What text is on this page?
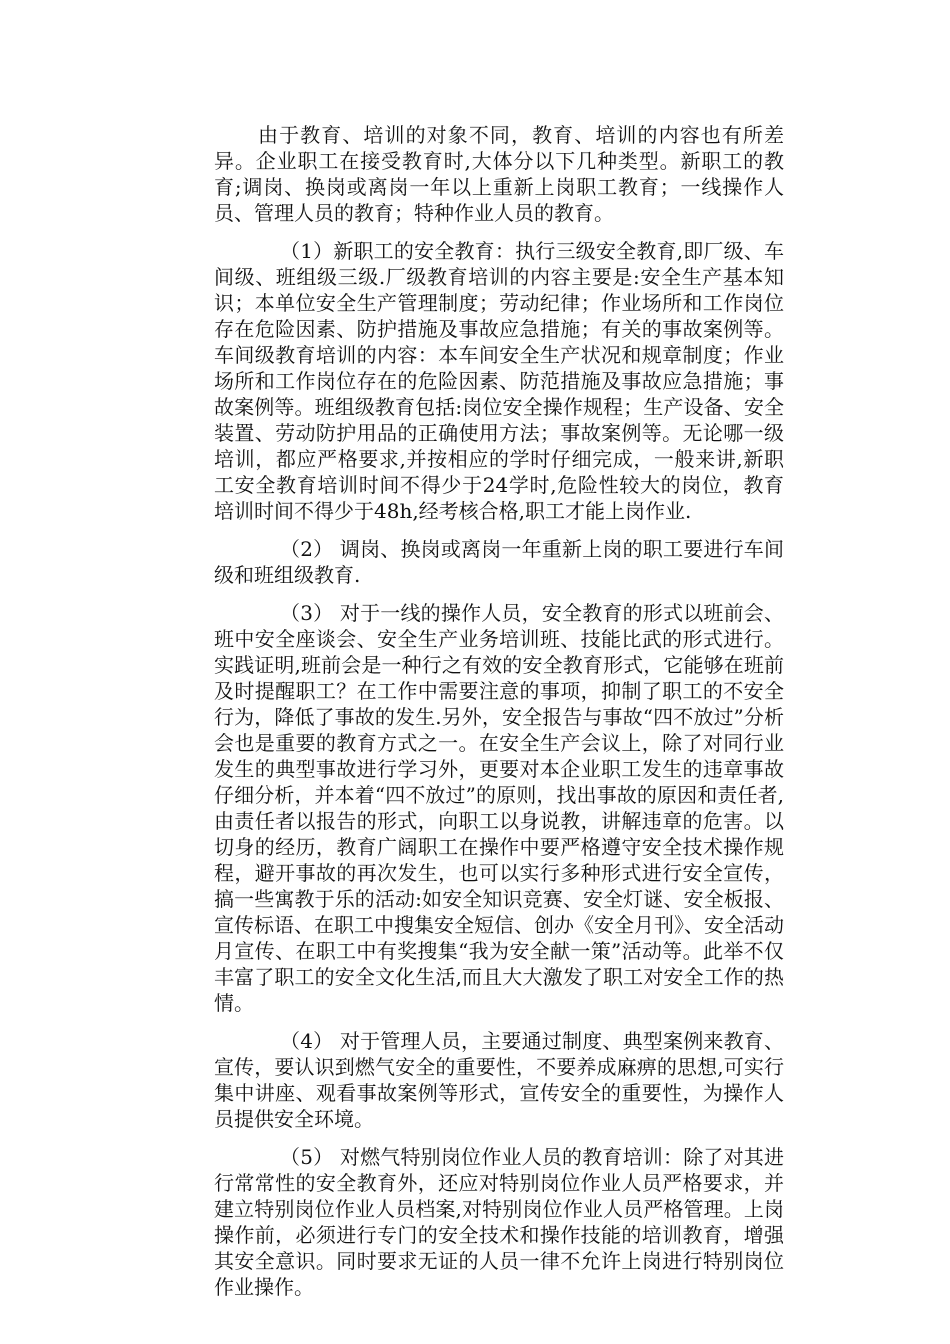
由于教育、培训的对象不同，教育、培训的内容也有所差异。企业职工在接受教育时,大体分以下几种类型。新职工的教育;调岗、换岗或离岗一年以上重新上岗职工教育；一线操作人员、管理人员的教育；特种作业人员的教育。

（1）新职工的安全教育：执行三级安全教育,即厂级、车间级、班组级三级.厂级教育培训的内容主要是:安全生产基本知识；本单位安全生产管理制度；劳动纪律；作业场所和工作岗位存在危险因素、防护措施及事故应急措施；有关的事故案例等。车间级教育培训的内容：本车间安全生产状况和规章制度；作业场所和工作岗位存在的危险因素、防范措施及事故应急措施；事故案例等。班组级教育包括:岗位安全操作规程；生产设备、安全装置、劳动防护用品的正确使用方法；事故案例等。无论哪一级培训，都应严格要求,并按相应的学时仔细完成，一般来讲,新职工安全教育培训时间不得少于24学时,危险性较大的岗位，教育培训时间不得少于48h,经考核合格,职工才能上岗作业.

（2） 调岗、换岗或离岗一年重新上岗的职工要进行车间级和班组级教育.

（3） 对于一线的操作人员，安全教育的形式以班前会、班中安全座谈会、安全生产业务培训班、技能比武的形式进行。实践证明,班前会是一种行之有效的安全教育形式，它能够在班前及时提醒职工？在工作中需要注意的事项，抑制了职工的不安全行为，降低了事故的发生.另外，安全报告与事故“四不放过”分析会也是重要的教育方式之一。在安全生产会议上，除了对同行业发生的典型事故进行学习外，更要对本企业职工发生的违章事故仔细分析，并本着“四不放过”的原则，找出事故的原因和责任者,由责任者以报告的形式，向职工以身说教，讲解违章的危害。以切身的经历，教育广阔职工在操作中要严格遵守安全技术操作规程，避开事故的再次发生，也可以实行多种形式进行安全宣传，搞一些寓教于乐的活动:如安全知识竞赛、安全灯谜、安全板报、宣传标语、在职工中搜集安全短信、创办《安全月刊》、安全活动月宣传、在职工中有奖搜集“我为安全献一策”活动等。此举不仅丰富了职工的安全文化生活,而且大大激发了职工对安全工作的热情。

（4） 对于管理人员，主要通过制度、典型案例来教育、宣传，要认识到燃气安全的重要性，不要养成麻痹的思想,可实行集中讲座、观看事故案例等形式，宣传安全的重要性，为操作人员提供安全环境。

（5） 对燃气特别岗位作业人员的教育培训：除了对其进行常常性的安全教育外，还应对特别岗位作业人员严格要求，并建立特别岗位作业人员档案,对特别岗位作业人员严格管理。上岗操作前，必须进行专门的安全技术和操作技能的培训教育，增强其安全意识。同时要求无证的人员一律不允许上岗进行特别岗位作业操作。
